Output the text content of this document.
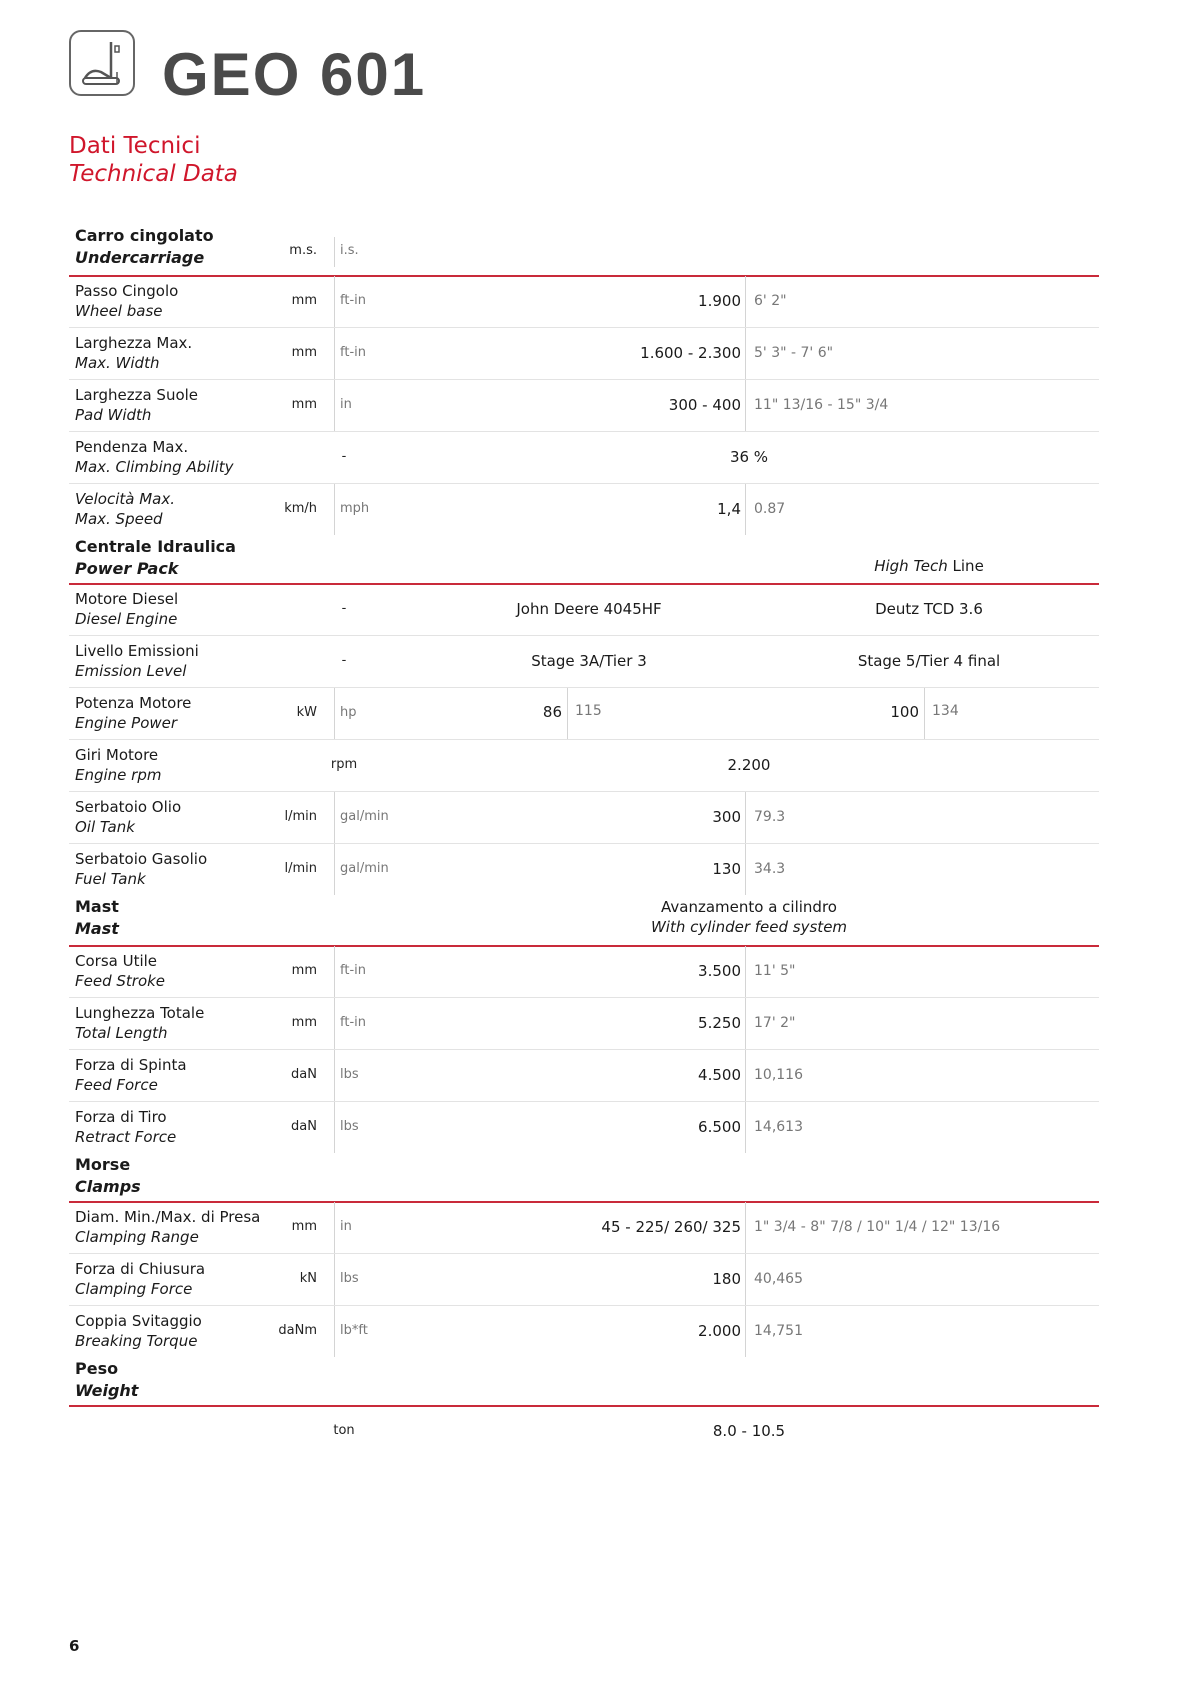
GEO 601
Dati Tecnici
Technical Data
Carro cingolato
Undercarriage	m.s. i.s.
Passo Cingolo
Wheel base
mm ft-in	1.900 6' 2"
Larghezza Max.
Max. Width
mm ft-in	1.600 - 2.300 5' 3" - 7' 6"
Larghezza Suole
Pad Width
mm in	300 - 400 11" 13/16 - 15" 3/4
Pendenza Max.
Max. Climbing Ability
-	36 %
Velocità Max.
Max. Speed
km/h mph	1,4 0.87
Centrale Idraulica
Power Pack	High Tech Line
Motore Diesel
Diesel Engine
-	John Deere 4045HF	Deutz TCD 3.6
Livello Emissioni
Emission Level
-	Stage 3A/Tier 3	Stage 5/Tier 4 final
Potenza Motore
Engine Power
kW hp	86 115	100 134
Giri Motore
Engine rpm
rpm	2.200
Serbatoio Olio
Oil Tank
l/min gal/min	300 79.3
Serbatoio Gasolio
Fuel Tank
l/min gal/min	130 34.3
Mast
Mast
Avanzamento a cilindro
With cylinder feed system
Corsa Utile
Feed Stroke
mm ft-in	3.500 11' 5"
Lunghezza Totale
Total Length
mm ft-in	5.250 17' 2"
Forza di Spinta
Feed Force
daN lbs	4.500 10,116
Forza di Tiro
Retract Force
daN lbs	6.500 14,613
Morse
Clamps
Diam. Min./Max. di Presa
Clamping Range
mm in	45 - 225/ 260/ 325 1" 3/4 - 8" 7/8 / 10" 1/4 / 12" 13/16
Forza di Chiusura
Clamping Force
kN lbs	180 40,465
Coppia Svitaggio
Breaking Torque
daNm lb*ft	2.000 14,751
Peso
Weight
ton	8.0 - 10.5
6
